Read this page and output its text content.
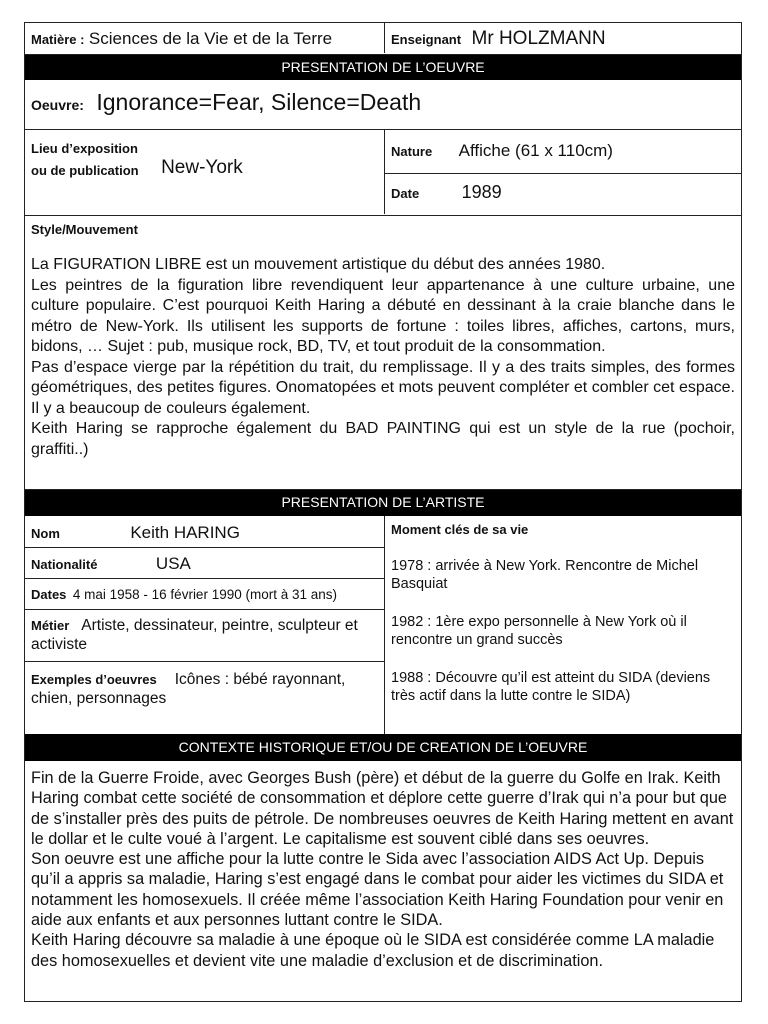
Matière : Sciences de la Vie et de la Terre	Enseignant Mr HOLZMANN
PRESENTATION DE L’OEUVRE
Oeuvre: Ignorance=Fear, Silence=Death
Lieu d’exposition
ou de publication New-York
Nature Affiche (61 x 110cm)
Date 1989
Style/Mouvement

La FIGURATION LIBRE est un mouvement artistique du début des années 1980.

Les peintres de la figuration libre revendiquent leur appartenance à une culture urbaine, une culture populaire. C’est pourquoi Keith Haring a débuté en dessinant à la craie blanche dans le métro de New-York. Ils utilisent les supports de fortune : toiles libres, affiches, cartons, murs, bidons, … Sujet : pub, musique rock, BD, TV, et tout produit de la consommation.

Pas d’espace vierge par la répétition du trait, du remplissage. Il y a des traits simples, des formes géométriques, des petites figures. Onomatopées et mots peuvent compléter et combler cet espace. Il y a beaucoup de couleurs également.

Keith Haring se rapproche également du BAD PAINTING qui est un style de la rue (pochoir, graffiti..)

PRESENTATION DE L’ARTISTE
Nom	Keith HARING
Nationalité	USA
Dates 4 mai 1958 - 16 février 1990 (mort à 31 ans)
Métier Artiste, dessinateur, peintre, sculpteur et activiste
Exemples d’oeuvres Icônes : bébé rayonnant, chien, personnages
Moment clés de sa vie
1978 : arrivée à New York. Rencontre de Michel Basquiat
1982 : 1ère expo personnelle à New York où il rencontre un grand succès
1988 : Découvre qu’il est atteint du SIDA (deviens très actif dans la lutte contre le SIDA)
CONTEXTE HISTORIQUE ET/OU DE CREATION DE L’OEUVRE

Fin de la Guerre Froide, avec Georges Bush (père) et début de la guerre du Golfe en Irak. Keith Haring combat cette société de consommation et déplore cette guerre d’Irak qui n’a pour but que de s’installer près des puits de pétrole. De nombreuses oeuvres de Keith Haring mettent en avant le dollar et le culte voué à l’argent. Le capitalisme est souvent ciblé dans ses oeuvres.

Son oeuvre est une affiche pour la lutte contre le Sida avec l’association AIDS Act Up. Depuis qu’il a appris sa maladie, Haring s’est engagé dans le combat pour aider les victimes du SIDA et notamment les homosexuels. Il créée même l’association Keith Haring Foundation pour venir en aide aux enfants et aux personnes luttant contre le SIDA.

Keith Haring découvre sa maladie à une époque où le SIDA est considérée comme LA maladie des homosexuelles et devient vite une maladie d’exclusion et de discrimination.
